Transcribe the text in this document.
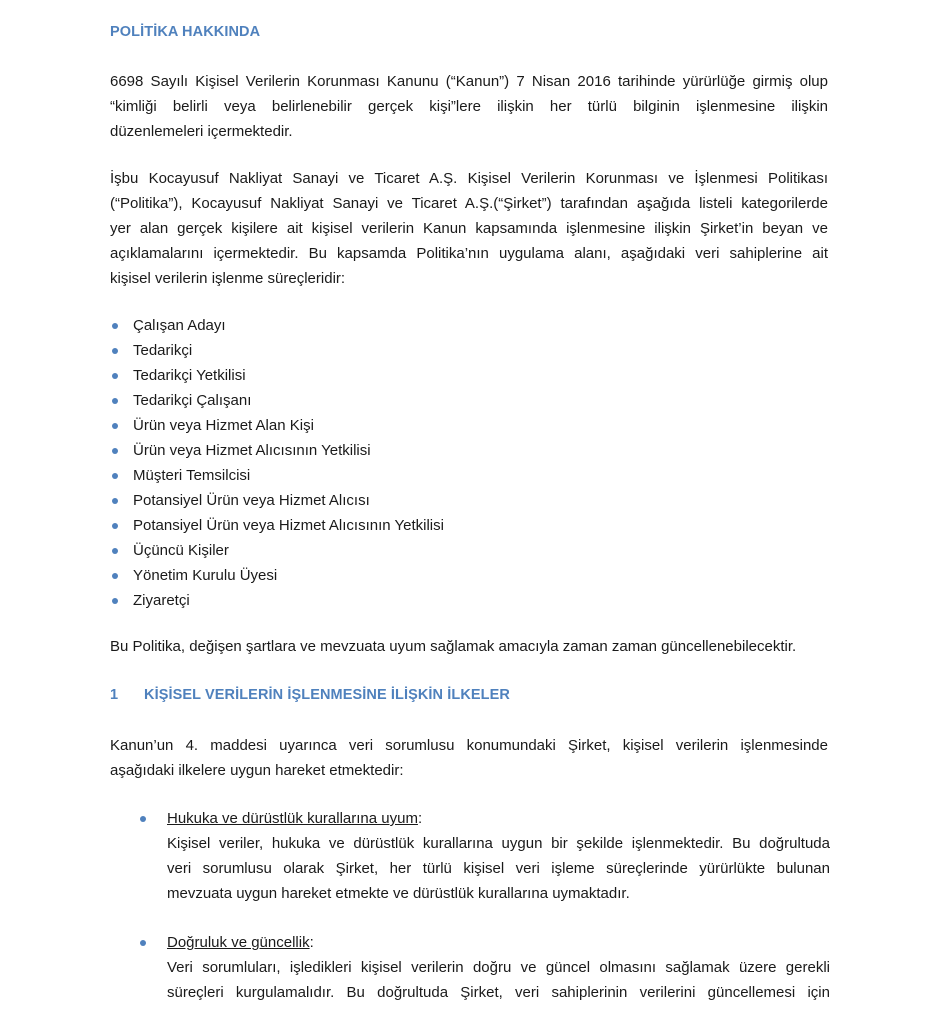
POLİTİKA HAKKINDA

6698 Sayılı Kişisel Verilerin Korunması Kanunu (“Kanun”) 7 Nisan 2016 tarihinde yürürlüğe girmiş olup
“kimliği belirli veya belirlenebilir gerçek kişi”lere ilişkin her türlü bilginin işlenmesine ilişkin
düzenlemeleri içermektedir.

İşbu Kocayusuf Nakliyat Sanayi ve Ticaret A.Ş. Kişisel Verilerin Korunması ve İşlenmesi Politikası
(“Politika”), Kocayusuf Nakliyat Sanayi ve Ticaret A.Ş.(“Şirket”) tarafından aşağıda listeli kategorilerde
yer alan gerçek kişilere ait kişisel verilerin Kanun kapsamında işlenmesine ilişkin Şirket’in beyan ve
açıklamalarını içermektedir. Bu kapsamda Politika’nın uygulama alanı, aşağıdaki veri sahiplerine ait
kişisel verilerin işlenme süreçleridir:

Çalışan Adayı
Tedarikçi
Tedarikçi Yetkilisi
Tedarikçi Çalışanı
Ürün veya Hizmet Alan Kişi
Ürün veya Hizmet Alıcısının Yetkilisi
Müşteri Temsilcisi
Potansiyel Ürün veya Hizmet Alıcısı
Potansiyel Ürün veya Hizmet Alıcısının Yetkilisi
Üçüncü Kişiler
Yönetim Kurulu Üyesi
Ziyaretçi

Bu Politika, değişen şartlara ve mevzuata uyum sağlamak amacıyla zaman zaman güncellenebilecektir.

1 KİŞİSEL VERİLERİN İŞLENMESİNE İLİŞKİN İLKELER

Kanun’un 4. maddesi uyarınca veri sorumlusu konumundaki Şirket, kişisel verilerin işlenmesinde
aşağıdaki ilkelere uygun hareket etmektedir:

Hukuka ve dürüstlük kurallarına uyum:
Kişisel veriler, hukuka ve dürüstlük kurallarına uygun bir şekilde işlenmektedir. Bu doğrultuda
veri sorumlusu olarak Şirket, her türlü kişisel veri işleme süreçlerinde yürürlükte bulunan
mevzuata uygun hareket etmekte ve dürüstlük kurallarına uymaktadır.
Doğruluk ve güncellik:
Veri sorumluları, işledikleri kişisel verilerin doğru ve güncel olmasını sağlamak üzere gerekli
süreçleri kurgulamalıdır. Bu doğrultuda Şirket, veri sahiplerinin verilerini güncellemesi için
